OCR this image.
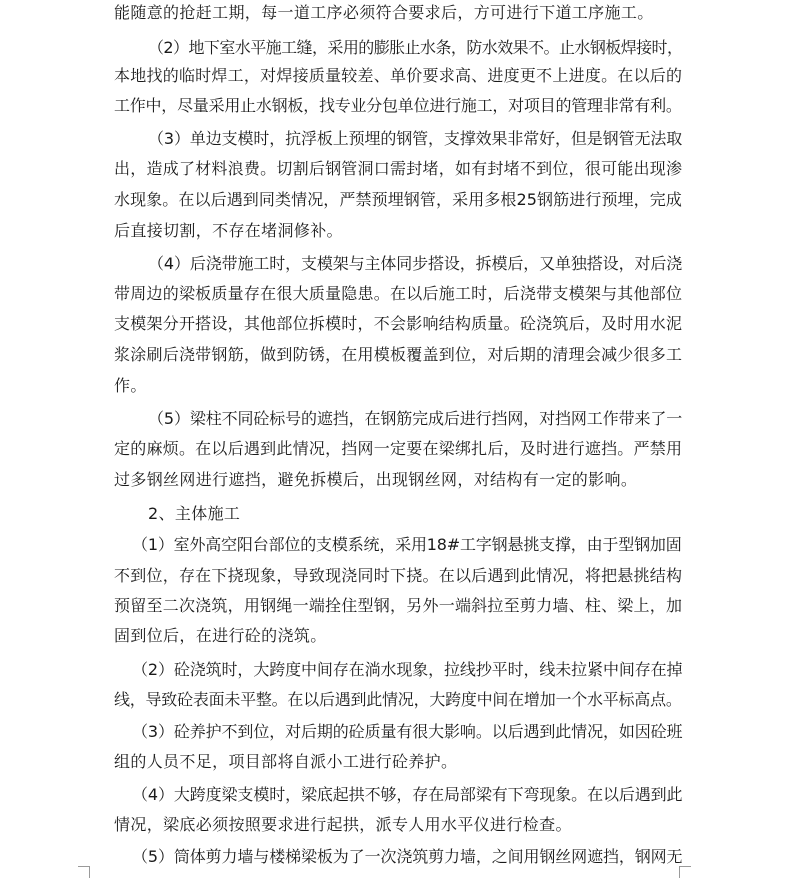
能随意的抢赶工期，每一道工序必须符合要求后，方可进行下道工序施工。
（2）地下室水平施工缝，采用的膨胀止水条，防水效果不。止水钢板焊接时，
本地找的临时焊工，对焊接质量较差、单价要求高、进度更不上进度。在以后的
工作中，尽量采用止水钢板，找专业分包单位进行施工，对项目的管理非常有利。
（3）单边支模时，抗浮板上预埋的钢管，支撑效果非常好，但是钢管无法取
出，造成了材料浪费。切割后钢管洞口需封堵，如有封堵不到位，很可能出现渗
水现象。在以后遇到同类情况，严禁预埋钢管，采用多根25钢筋进行预埋，完成
后直接切割，不存在堵洞修补。
（4）后浇带施工时，支模架与主体同步搭设，拆模后，又单独搭设，对后浇
带周边的梁板质量存在很大质量隐患。在以后施工时，后浇带支模架与其他部位
支模架分开搭设，其他部位拆模时，不会影响结构质量。砼浇筑后，及时用水泥
浆涂刷后浇带钢筋，做到防锈，在用模板覆盖到位，对后期的清理会减少很多工
作。
（5）梁柱不同砼标号的遮挡，在钢筋完成后进行挡网，对挡网工作带来了一
定的麻烦。在以后遇到此情况，挡网一定要在梁绑扎后，及时进行遮挡。严禁用
过多钢丝网进行遮挡，避免拆模后，出现钢丝网，对结构有一定的影响。
2、主体施工
（1）室外高空阳台部位的支模系统，采用18#工字钢悬挑支撑，由于型钢加固
不到位，存在下挠现象，导致现浇同时下挠。在以后遇到此情况，将把悬挑结构
预留至二次浇筑，用钢绳一端拴住型钢，另外一端斜拉至剪力墙、柱、梁上，加
固到位后，在进行砼的浇筑。
（2）砼浇筑时，大跨度中间存在淌水现象，拉线抄平时，线未拉紧中间存在掉
线，导致砼表面未平整。在以后遇到此情况，大跨度中间在增加一个水平标高点。
（3）砼养护不到位，对后期的砼质量有很大影响。以后遇到此情况，如因砼班
组的人员不足，项目部将自派小工进行砼养护。
（4）大跨度梁支模时，梁底起拱不够，存在局部梁有下弯现象。在以后遇到此
情况，梁底必须按照要求进行起拱，派专人用水平仪进行检查。
（5）筒体剪力墙与楼梯梁板为了一次浇筑剪力墙，之间用钢丝网遮挡，钢网无
